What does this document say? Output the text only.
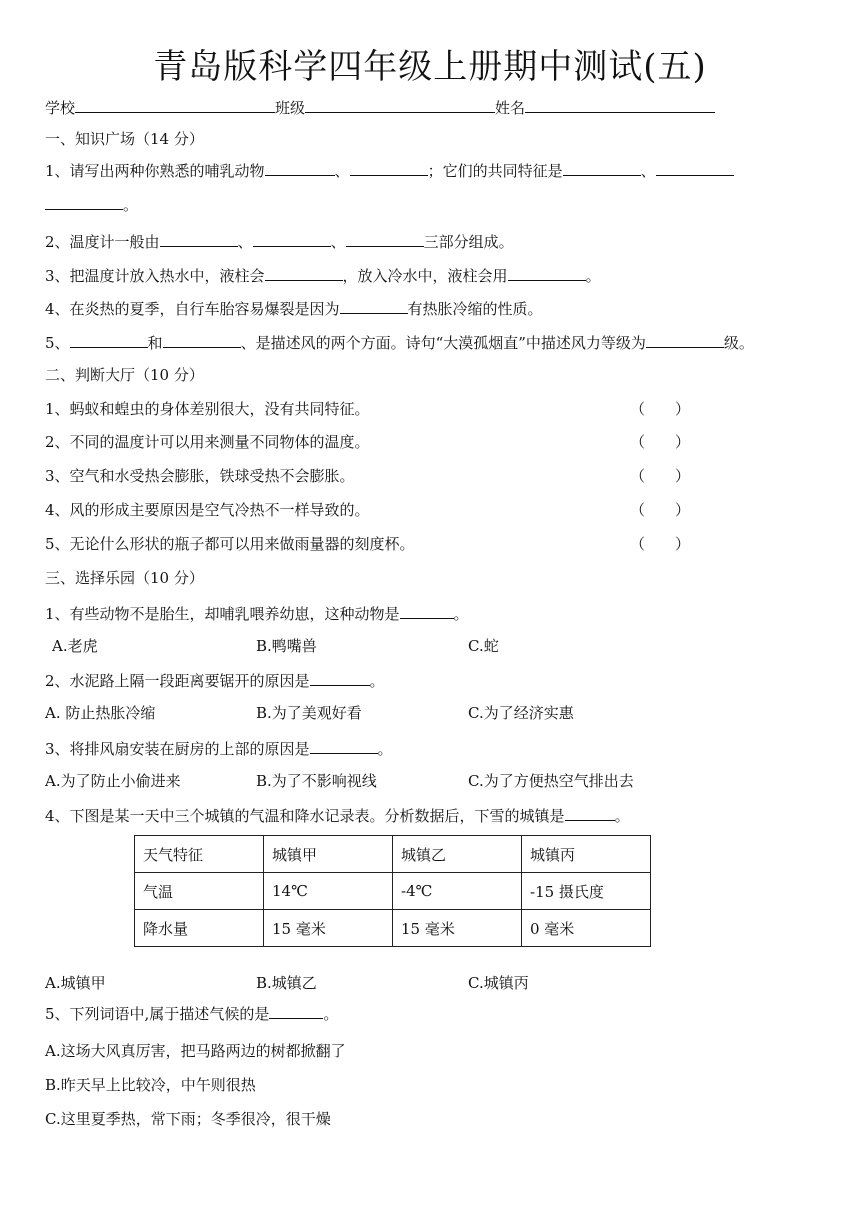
青岛版科学四年级上册期中测试(五)
学校	班级	姓名
一、知识广场（14 分）
1、请写出两种你熟悉的哺乳动物	、	；它们的共同特征是	、
。
2、温度计一般由	、	、	三部分组成。
3、把温度计放入热水中，液柱会	，放入冷水中，液柱会用	。
4、在炎热的夏季，自行车胎容易爆裂是因为	有热胀冷缩的性质。
5、	和	、是描述风的两个方面。诗句“大漠孤烟直”中描述风力等级为	级。
二、判断大厅（10 分）
1、蚂蚁和蝗虫的身体差别很大，没有共同特征。	（　　）
2、不同的温度计可以用来测量不同物体的温度。	（　　）
3、空气和水受热会膨胀，铁球受热不会膨胀。	（　　）
4、风的形成主要原因是空气冷热不一样导致的。	（　　）
5、无论什么形状的瓶子都可以用来做雨量器的刻度杯。	（　　）
三、选择乐园（10 分）
1、有些动物不是胎生，却哺乳喂养幼崽，这种动物是	。
A.老虎	B.鸭嘴兽	C.蛇
2、水泥路上隔一段距离要锯开的原因是	。
A. 防止热胀冷缩	B.为了美观好看	C.为了经济实惠
3、将排风扇安装在厨房的上部的原因是	。
A.为了防止小偷进来	B.为了不影响视线	C.为了方便热空气排出去
4、下图是某一天中三个城镇的气温和降水记录表。分析数据后，下雪的城镇是	。
天气特征	城镇甲	城镇乙	城镇丙
气温	14℃	-4℃	-15 摄氏度
降水量	15 毫米	15 毫米	0 毫米
A.城镇甲	B.城镇乙	C.城镇丙
5、下列词语中,属于描述气候的是	。
A.这场大风真厉害，把马路两边的树都掀翻了
B.昨天早上比较冷，中午则很热
C.这里夏季热，常下雨；冬季很冷，很干燥
